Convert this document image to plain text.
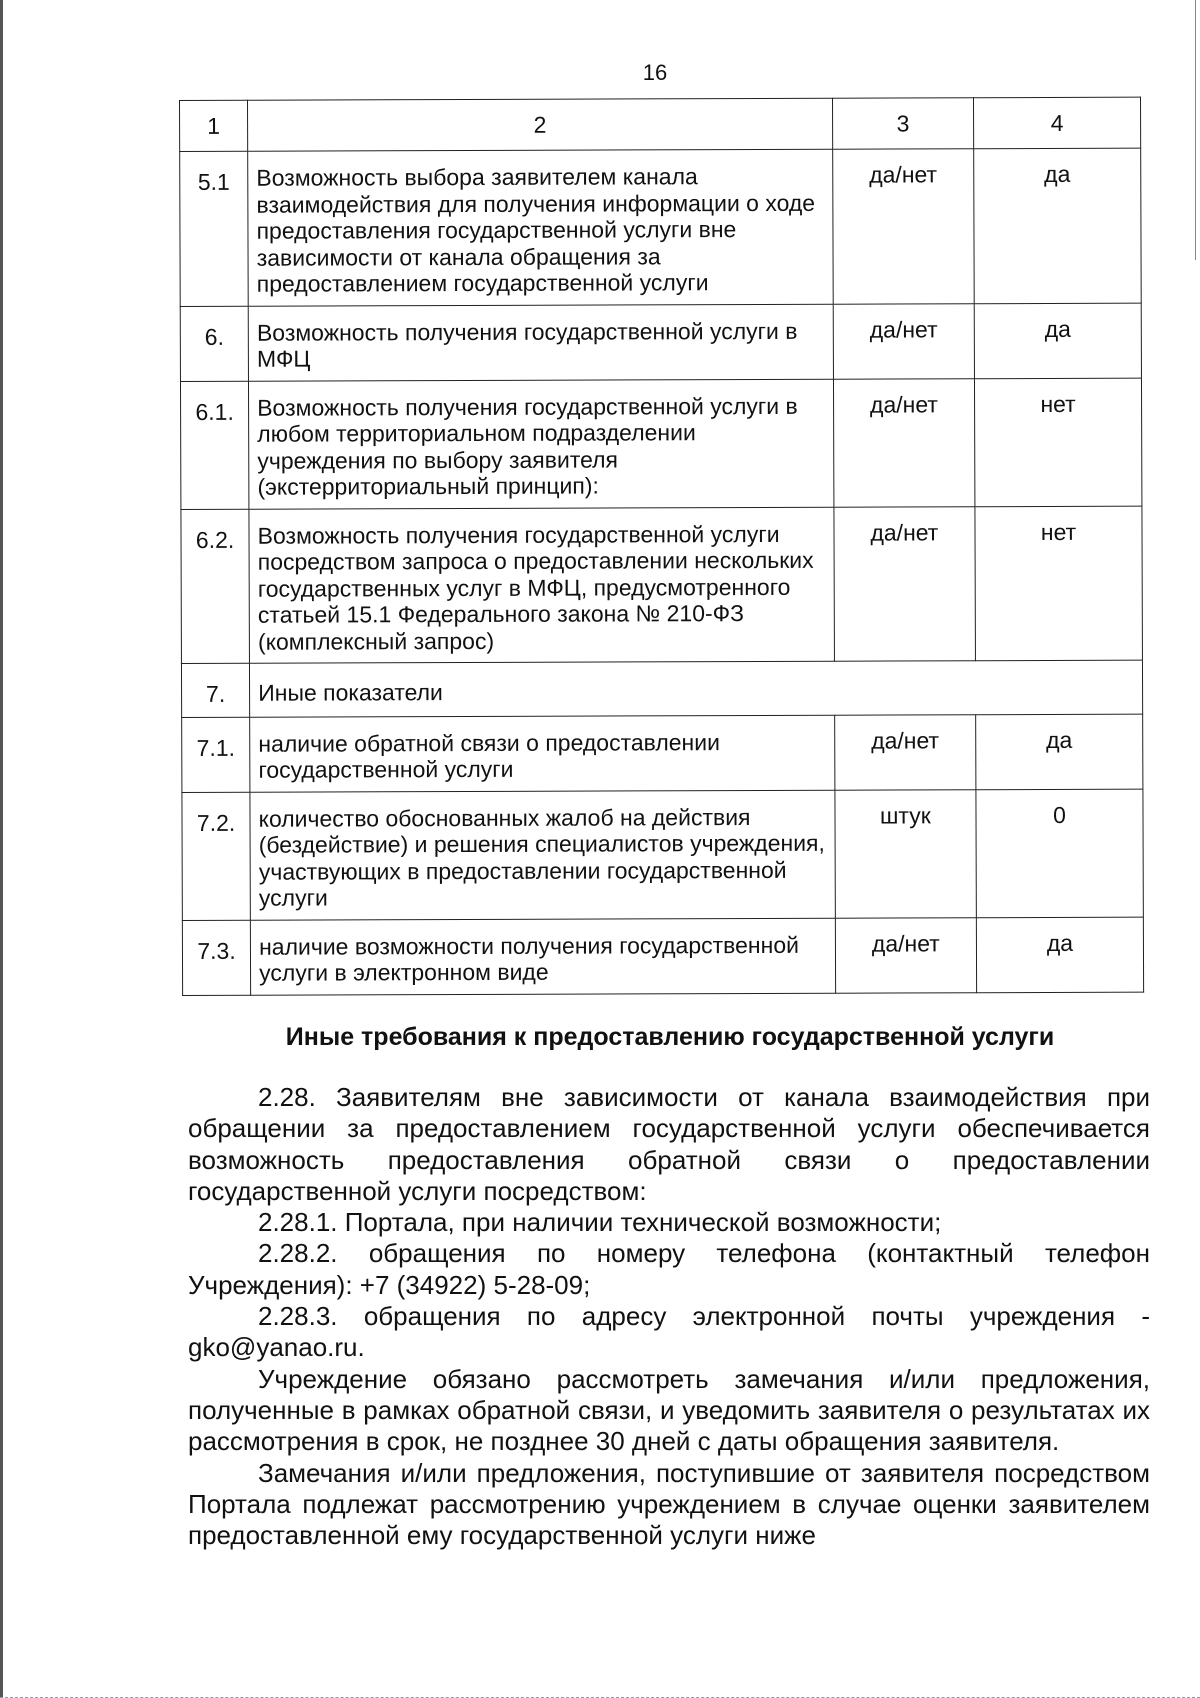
16
1	2	3	4
5.1	Возможность выбора заявителем канала взаимодействия для получения информации о ходе предоставления государственной услуги вне зависимости от канала обращения за предоставлением государственной услуги	да/нет	да
6.	Возможность получения государственной услуги в МФЦ	да/нет	да
6.1.	Возможность получения государственной услуги в любом территориальном подразделении учреждения по выбору заявителя (экстерриториальный принцип):	да/нет	нет
6.2.	Возможность получения государственной услуги посредством запроса о предоставлении нескольких государственных услуг в МФЦ, предусмотренного статьей 15.1 Федерального закона № 210-ФЗ (комплексный запрос)	да/нет	нет
7.	Иные показатели		
7.1.	наличие обратной связи о предоставлении государственной услуги	да/нет	да
7.2.	количество обоснованных жалоб на действия (бездействие) и решения специалистов учреждения, участвующих в предоставлении государственной услуги	штук	0
7.3.	наличие возможности получения государственной услуги в электронном виде	да/нет	да
Иные требования к предоставлению государственной услуги

2.28. Заявителям вне зависимости от канала взаимодействия при обращении за предоставлением государственной услуги обеспечивается возможность предоставления обратной связи о предоставлении государственной услуги посредством:

2.28.1. Портала, при наличии технической возможности;

2.28.2. обращения по номеру телефона (контактный телефон Учреждения): +7 (34922) 5-28-09;

2.28.3. обращения по адресу электронной почты учреждения - gko@yanao.ru.

Учреждение обязано рассмотреть замечания и/или предложения, полученные в рамках обратной связи, и уведомить заявителя о результатах их рассмотрения в срок, не позднее 30 дней с даты обращения заявителя.

Замечания и/или предложения, поступившие от заявителя посредством Портала подлежат рассмотрению учреждением в случае оценки заявителем предоставленной ему государственной услуги ниже
